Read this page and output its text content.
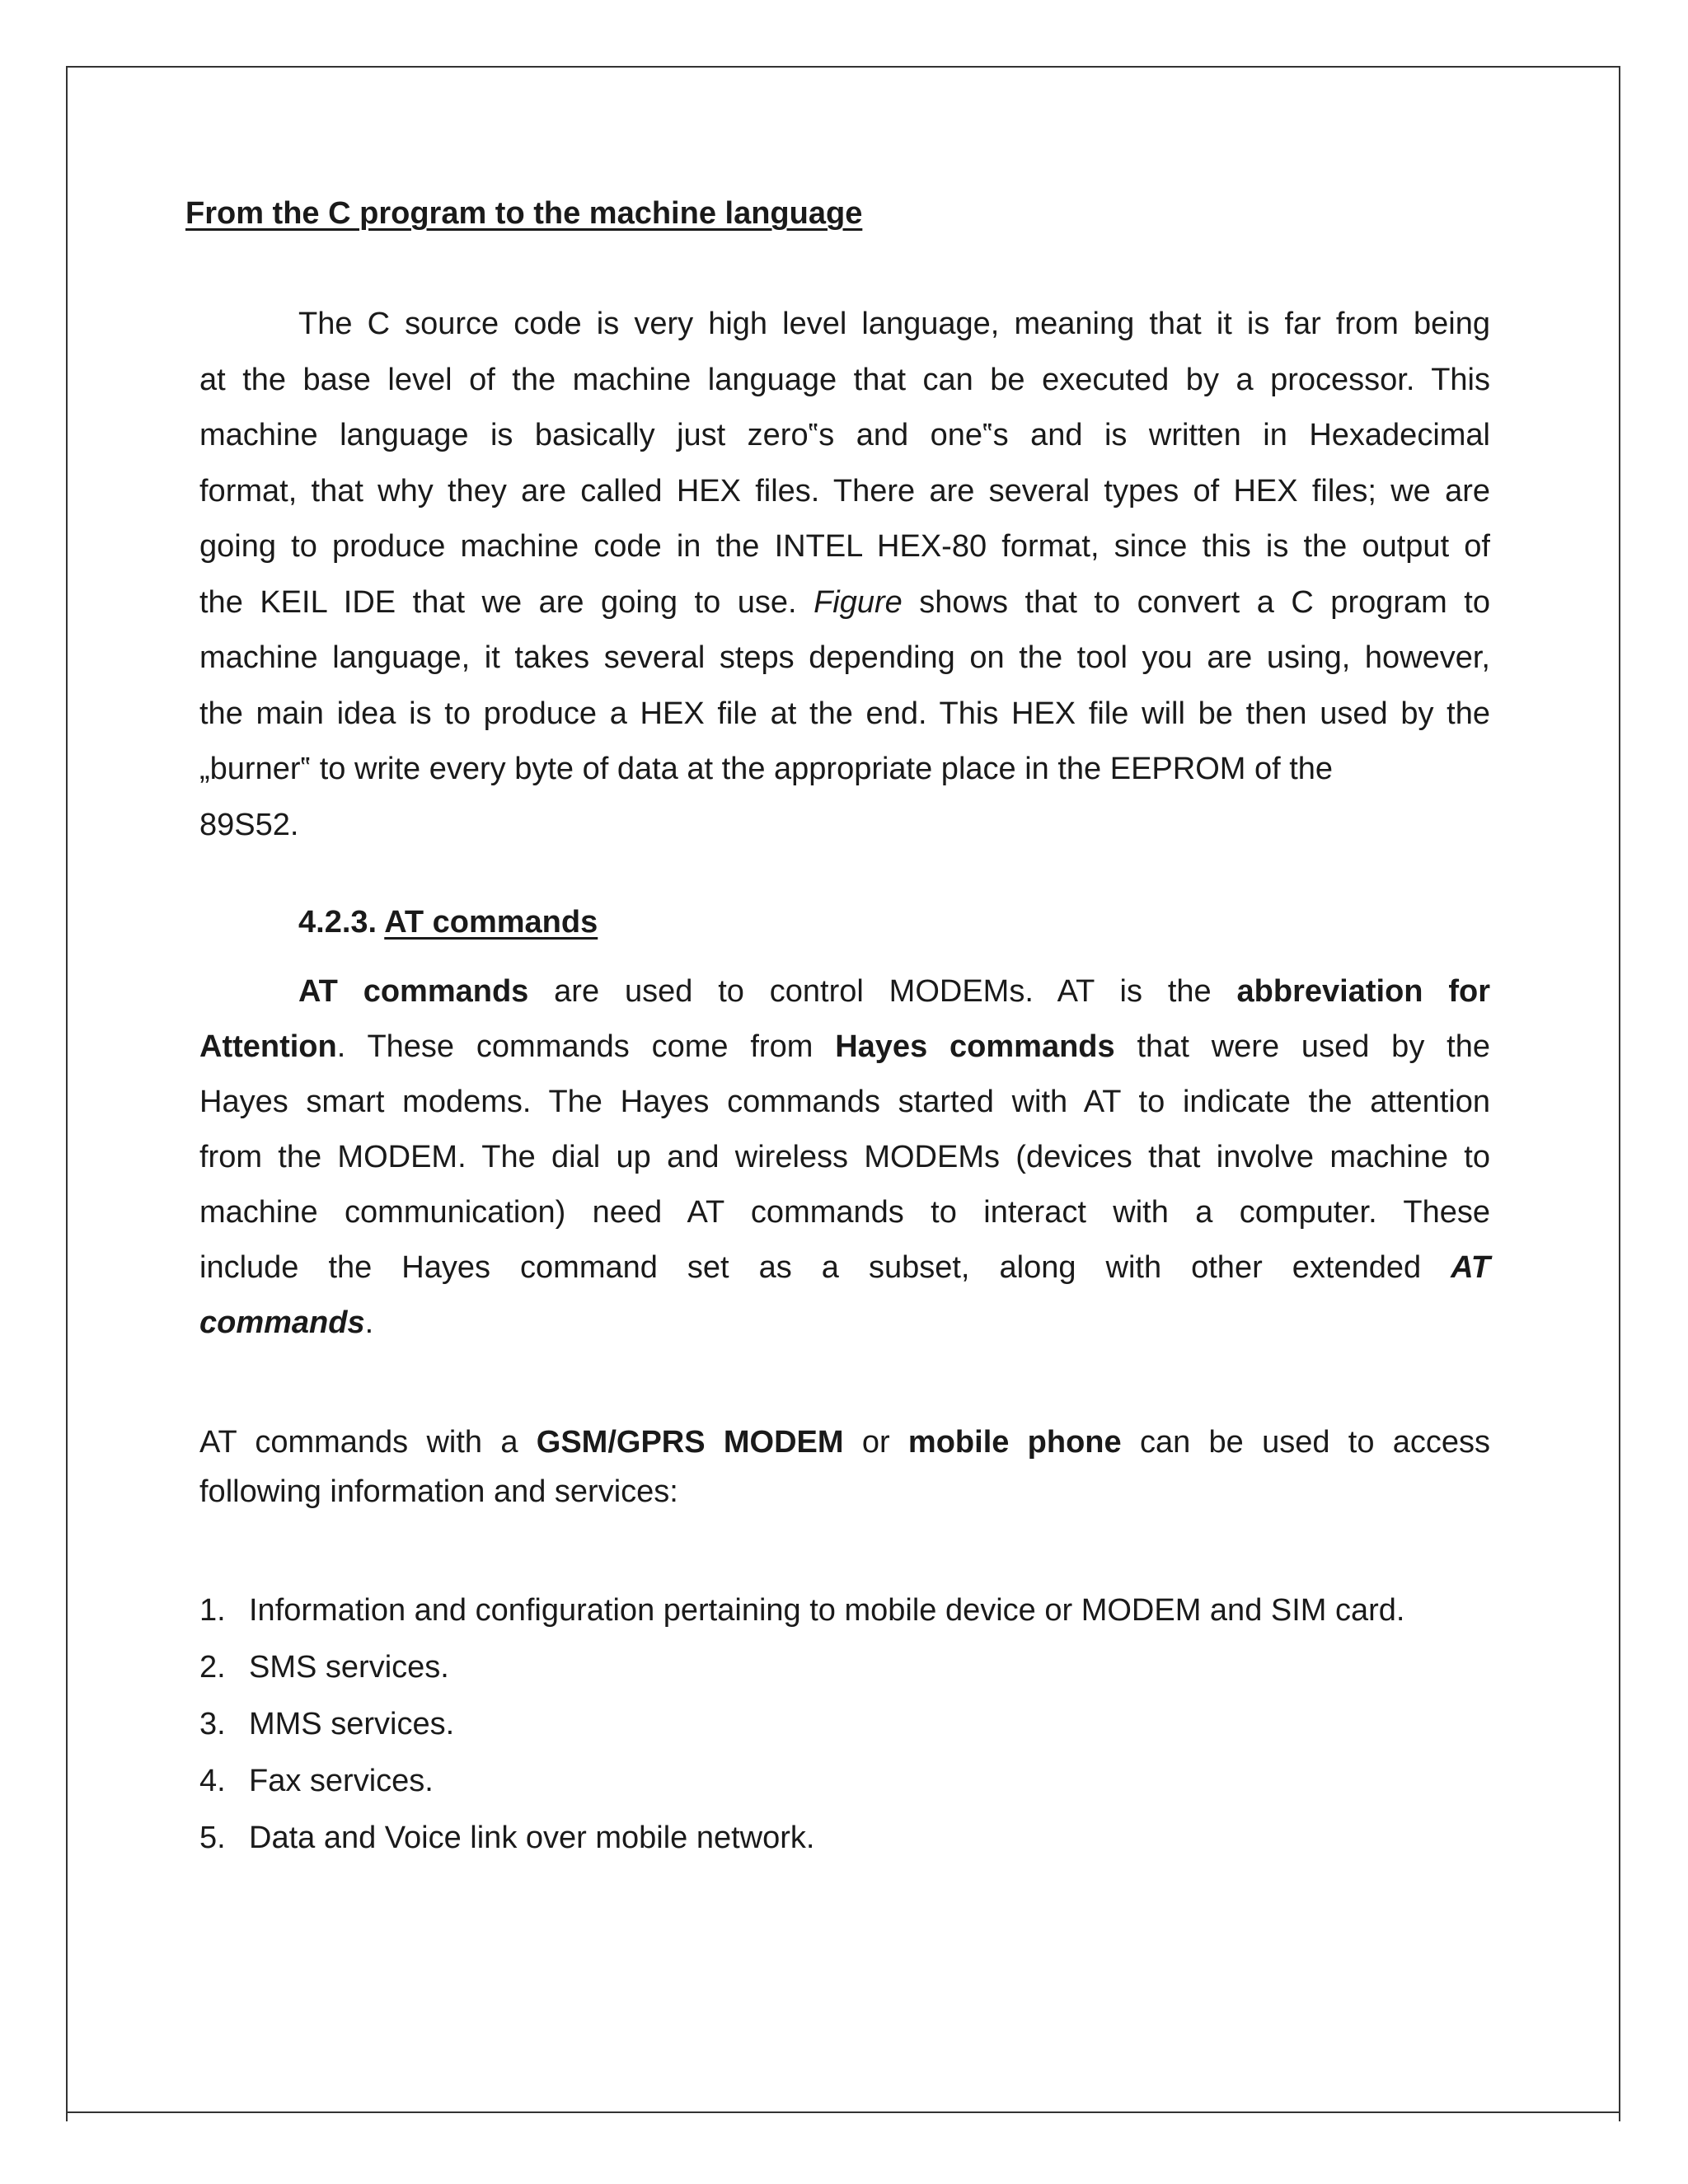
From the C program to the machine language
The C source code is very high level language, meaning that it is far from being
at the base level of the machine language that can be executed by a processor. This
machine language is basically just zero‟s and one‟s and is written in Hexadecimal
format, that why they are called HEX files. There are several types of HEX files; we are
going to produce machine code in the INTEL HEX-80 format, since this is the output of
the KEIL IDE that we are going to use. Figure shows that to convert a C program to
machine language, it takes several steps depending on the tool you are using, however,
the main idea is to produce a HEX file at the end. This HEX file will be then used by the
„burner‟ to write every byte of data at the appropriate place in the EEPROM of the
89S52.
4.2.3. AT commands
AT commands are used to control MODEMs. AT is the abbreviation for
Attention. These commands come from Hayes commands that were used by the
Hayes smart modems. The Hayes commands started with AT to indicate the attention
from the MODEM. The dial up and wireless MODEMs (devices that involve machine to
machine communication) need AT commands to interact with a computer. These
include the Hayes command set as a subset, along with other extended AT
commands.
AT commands with a GSM/GPRS MODEM or mobile phone can be used to access
following information and services:
1. Information and configuration pertaining to mobile device or MODEM and SIM card.
2. SMS services.
3. MMS services.
4. Fax services.
5. Data and Voice link over mobile network.
